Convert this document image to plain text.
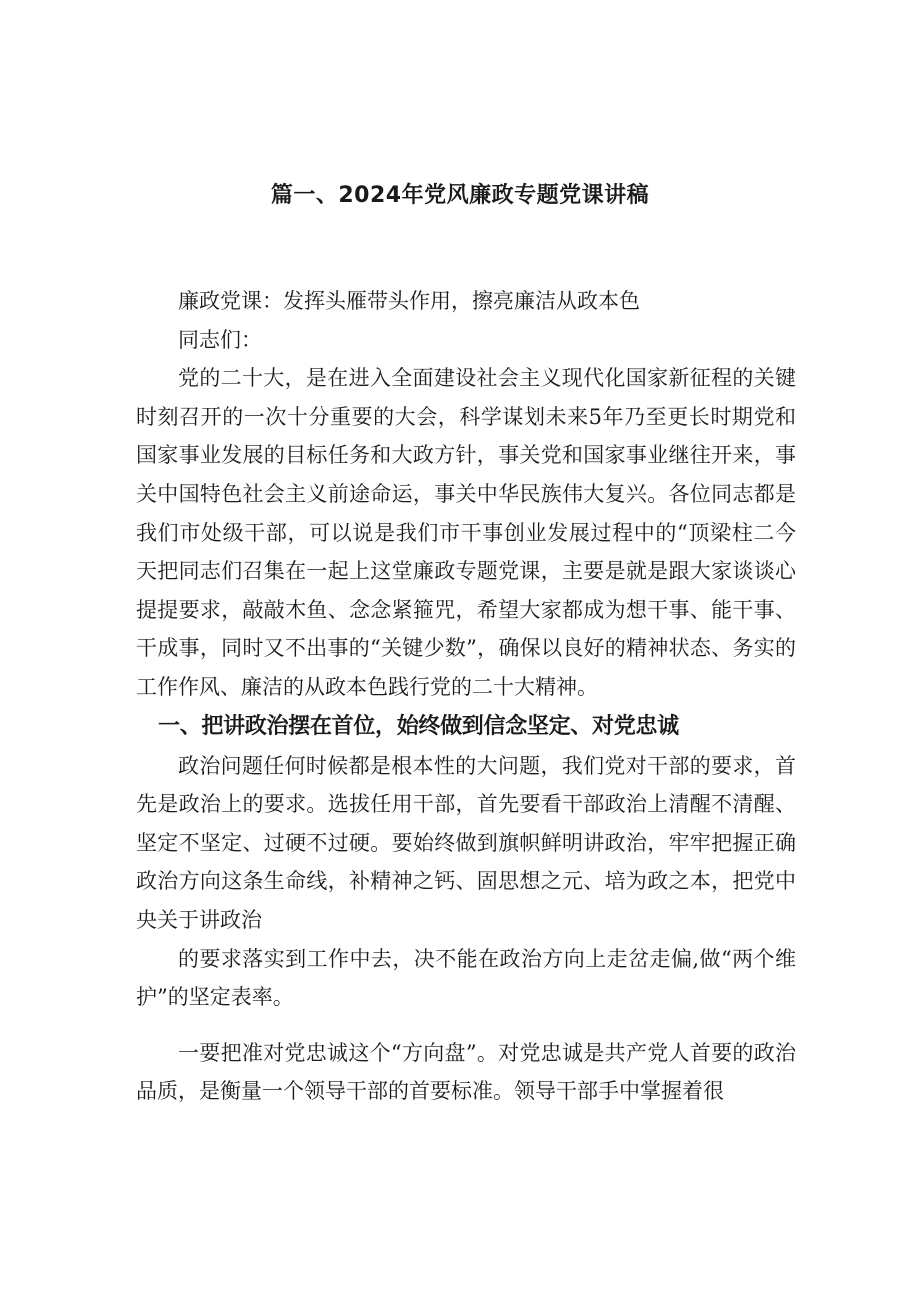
篇一、2024年党风廉政专题党课讲稿

廉政党课：发挥头雁带头作用，擦亮廉洁从政本色

同志们：

党的二十大，是在进入全面建设社会主义现代化国家新征程的关键时刻召开的一次十分重要的大会，科学谋划未来5年乃至更长时期党和国家事业发展的目标任务和大政方针，事关党和国家事业继往开来，事关中国特色社会主义前途命运，事关中华民族伟大复兴。各位同志都是我们市处级干部，可以说是我们市干事创业发展过程中的“顶梁柱二今天把同志们召集在一起上这堂廉政专题党课，主要是就是跟大家谈谈心提提要求，敲敲木鱼、念念紧箍咒，希望大家都成为想干事、能干事、干成事，同时又不出事的“关键少数”，确保以良好的精神状态、务实的工作作风、廉洁的从政本色践行党的二十大精神。

一、把讲政治摆在首位，始终做到信念坚定、对党忠诚

政治问题任何时候都是根本性的大问题，我们党对干部的要求，首先是政治上的要求。选拔任用干部，首先要看干部政治上清醒不清醒、坚定不坚定、过硬不过硬。要始终做到旗帜鲜明讲政治，牢牢把握正确政治方向这条生命线，补精神之钙、固思想之元、培为政之本，把党中央关于讲政治

的要求落实到工作中去，决不能在政治方向上走岔走偏,做“两个维护”的坚定表率。

一要把准对党忠诚这个“方向盘”。对党忠诚是共产党人首要的政治品质，是衡量一个领导干部的首要标准。领导干部手中掌握着很
